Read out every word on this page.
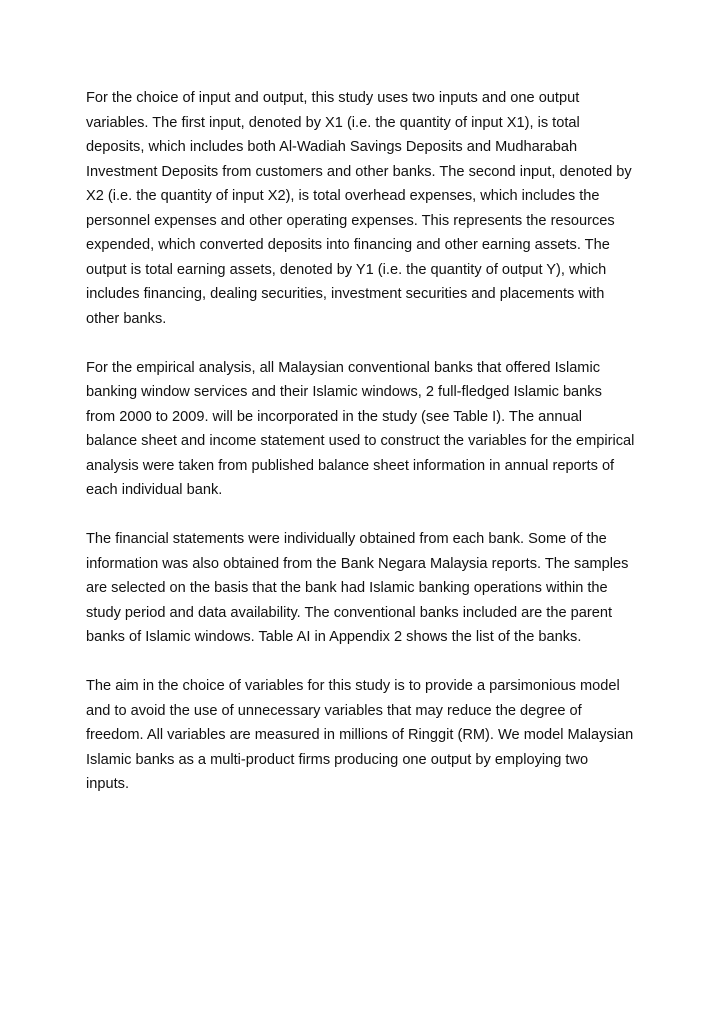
For the choice of input and output, this study uses two inputs and one output
variables. The first input, denoted by X1 (i.e. the quantity of input X1), is total
deposits, which includes both Al-Wadiah Savings Deposits and Mudharabah
Investment Deposits from customers and other banks. The second input, denoted by
X2 (i.e. the quantity of input X2), is total overhead expenses, which includes the
personnel expenses and other operating expenses. This represents the resources
expended, which converted deposits into financing and other earning assets. The
output is total earning assets, denoted by Y1 (i.e. the quantity of output Y), which
includes financing, dealing securities, investment securities and placements with
other banks.

For the empirical analysis, all Malaysian conventional banks that offered Islamic
banking window services and their Islamic windows, 2 full-fledged Islamic banks
from 2000 to 2009. will be incorporated in the study (see Table I). The annual
balance sheet and income statement used to construct the variables for the empirical
analysis were taken from published balance sheet information in annual reports of
each individual bank.

The financial statements were individually obtained from each bank. Some of the
information was also obtained from the Bank Negara Malaysia reports. The samples
are selected on the basis that the bank had Islamic banking operations within the
study period and data availability. The conventional banks included are the parent
banks of Islamic windows. Table AI in Appendix 2 shows the list of the banks.

The aim in the choice of variables for this study is to provide a parsimonious model
and to avoid the use of unnecessary variables that may reduce the degree of
freedom. All variables are measured in millions of Ringgit (RM). We model Malaysian
Islamic banks as a multi-product firms producing one output by employing two
inputs.
